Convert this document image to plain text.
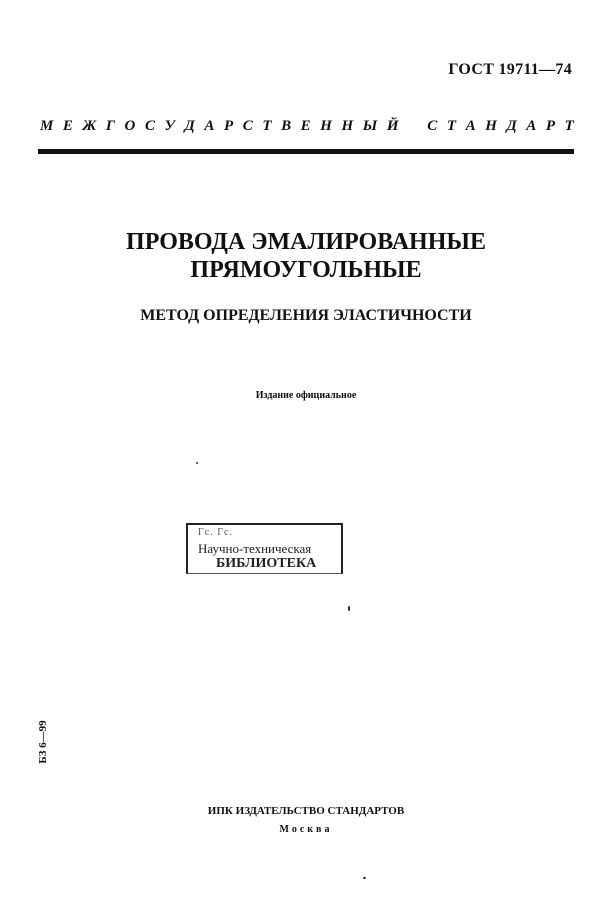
ГОСТ 19711—74
М Е Ж Г О С У Д А Р С Т В Е Н Н Ы Й С Т А Н Д А Р Т
ПРОВОДА ЭМАЛИРОВАННЫЕ
ПРЯМОУГОЛЬНЫЕ
МЕТОД ОПРЕДЕЛЕНИЯ ЭЛАСТИЧНОСТИ
Издание официальное
Гс. Гс.
Научно-техническая
БИБЛИОТЕКА
БЗ 6—99
ИПК ИЗДАТЕЛЬСТВО СТАНДАРТОВ
Москва
